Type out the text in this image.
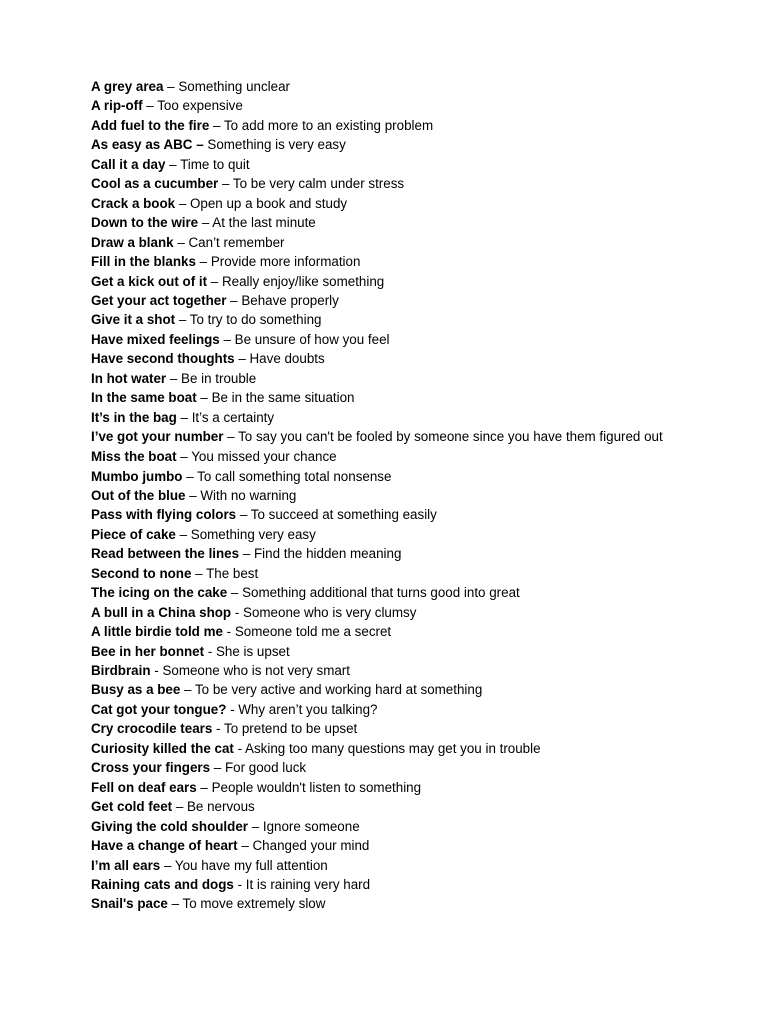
A grey area – Something unclear
A rip-off – Too expensive
Add fuel to the fire – To add more to an existing problem
As easy as ABC – Something is very easy
Call it a day – Time to quit
Cool as a cucumber – To be very calm under stress
Crack a book – Open up a book and study
Down to the wire – At the last minute
Draw a blank – Can’t remember
Fill in the blanks – Provide more information
Get a kick out of it – Really enjoy/like something
Get your act together – Behave properly
Give it a shot – To try to do something
Have mixed feelings – Be unsure of how you feel
Have second thoughts – Have doubts
In hot water – Be in trouble
In the same boat – Be in the same situation
It’s in the bag – It’s a certainty
I’ve got your number – To say you can't be fooled by someone since you have them figured out
Miss the boat – You missed your chance
Mumbo jumbo – To call something total nonsense
Out of the blue – With no warning
Pass with flying colors – To succeed at something easily
Piece of cake – Something very easy
Read between the lines – Find the hidden meaning
Second to none – The best
The icing on the cake – Something additional that turns good into great
A bull in a China shop - Someone who is very clumsy
A little birdie told me - Someone told me a secret
Bee in her bonnet - She is upset
Birdbrain - Someone who is not very smart
Busy as a bee – To be very active and working hard at something
Cat got your tongue? - Why aren’t you talking?
Cry crocodile tears - To pretend to be upset
Curiosity killed the cat - Asking too many questions may get you in trouble
Cross your fingers – For good luck
Fell on deaf ears – People wouldn't listen to something
Get cold feet – Be nervous
Giving the cold shoulder – Ignore someone
Have a change of heart – Changed your mind
I’m all ears – You have my full attention
Raining cats and dogs - It is raining very hard
Snail's pace – To move extremely slow
